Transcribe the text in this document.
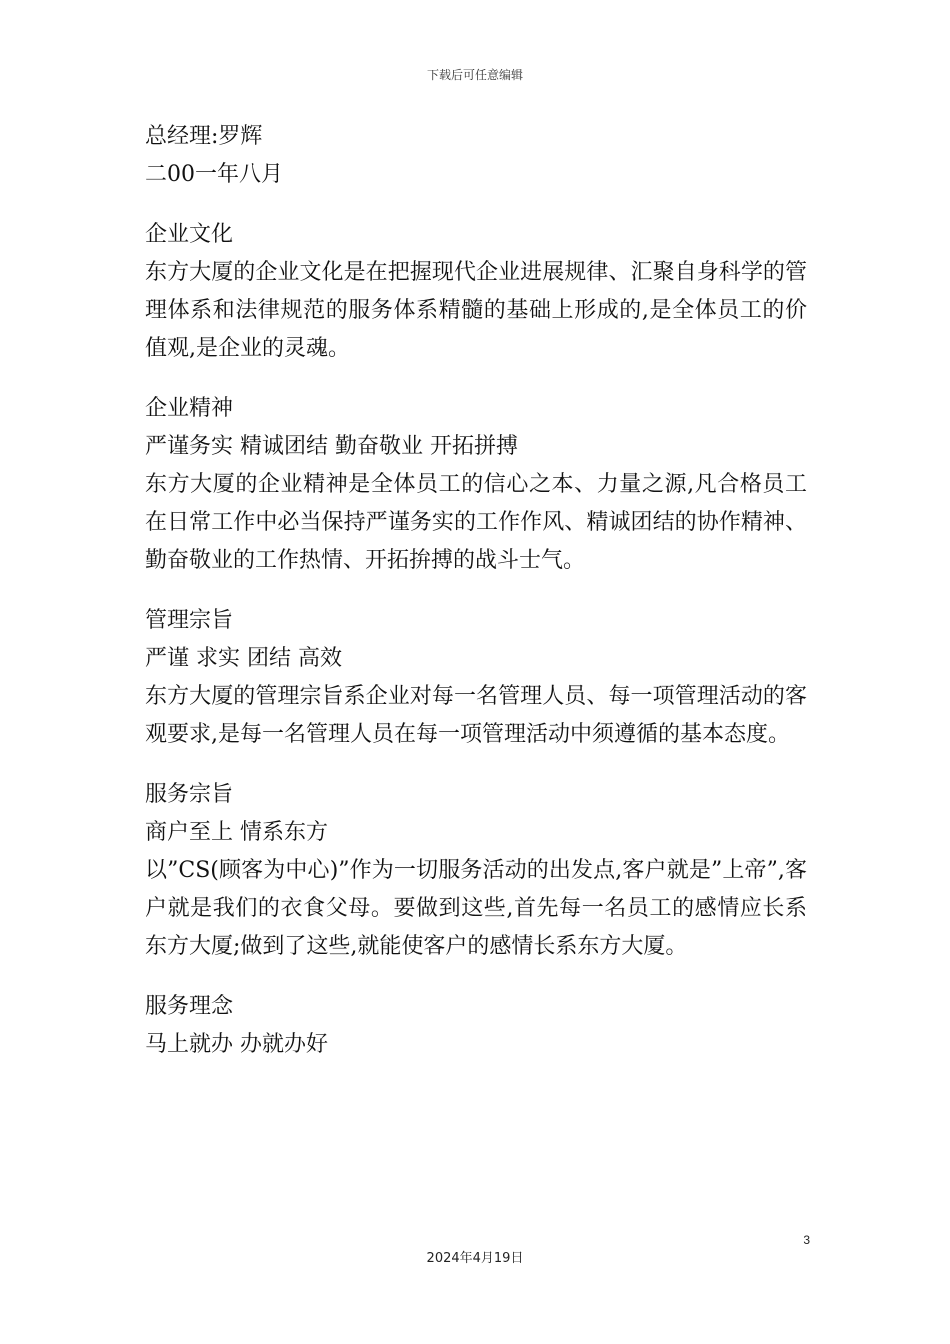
下载后可任意编辑

总经理:罗辉

二00一年八月

企业文化

东方大厦的企业文化是在把握现代企业进展规律、汇聚自身科学的管理体系和法律规范的服务体系精髓的基础上形成的,是全体员工的价值观,是企业的灵魂。

企业精神

严谨务实 精诚团结 勤奋敬业 开拓拼搏

东方大厦的企业精神是全体员工的信心之本、力量之源,凡合格员工在日常工作中必当保持严谨务实的工作作风、精诚团结的协作精神、勤奋敬业的工作热情、开拓拚搏的战斗士气。

管理宗旨

严谨 求实 团结 高效

东方大厦的管理宗旨系企业对每一名管理人员、每一项管理活动的客观要求,是每一名管理人员在每一项管理活动中须遵循的基本态度。

服务宗旨

商户至上 情系东方

以”CS(顾客为中心)”作为一切服务活动的出发点,客户就是”上帝”,客户就是我们的衣食父母。要做到这些,首先每一名员工的感情应长系东方大厦;做到了这些,就能使客户的感情长系东方大厦。

服务理念

马上就办 办就办好

3
2024年4月19日
